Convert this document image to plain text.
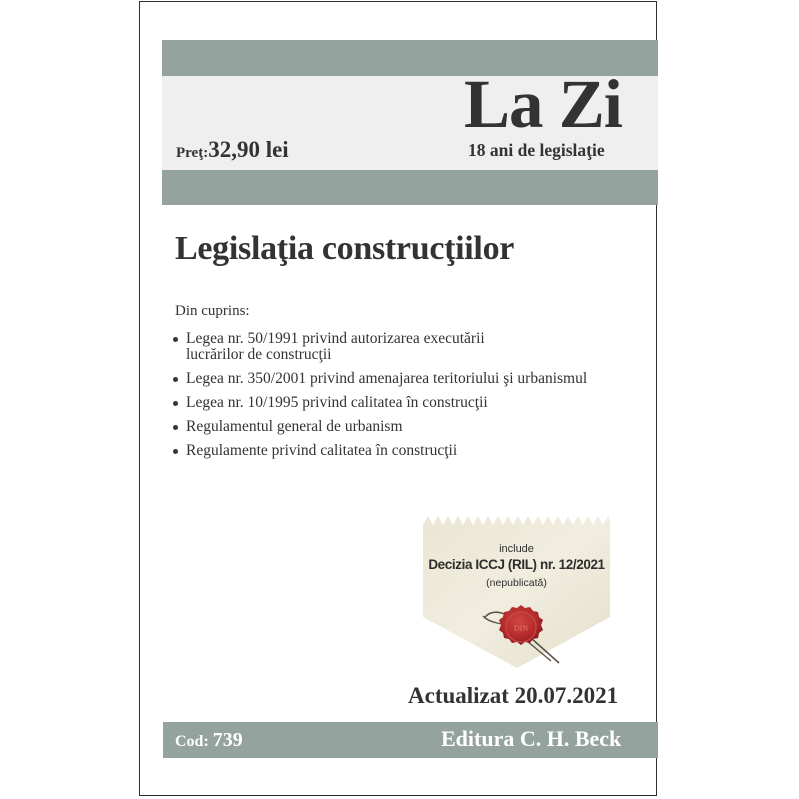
Preţ:32,90 lei
La Zi
18 ani de legislaţie
Legislaţia construcţiilor
Din cuprins:
Legea nr. 50/1991 privind autorizarea executării
lucrărilor de construcţii
Legea nr. 350/2001 privind amenajarea teritoriului şi urbanismul
Legea nr. 10/1995 privind calitatea în construcţii
Regulamentul general de urbanism
Regulamente privind calitatea în construcţii
DIN
include
Decizia ICCJ (RIL) nr. 12/2021
(nepublicată)
Actualizat 20.07.2021
Cod: 739	Editura C. H. Beck
